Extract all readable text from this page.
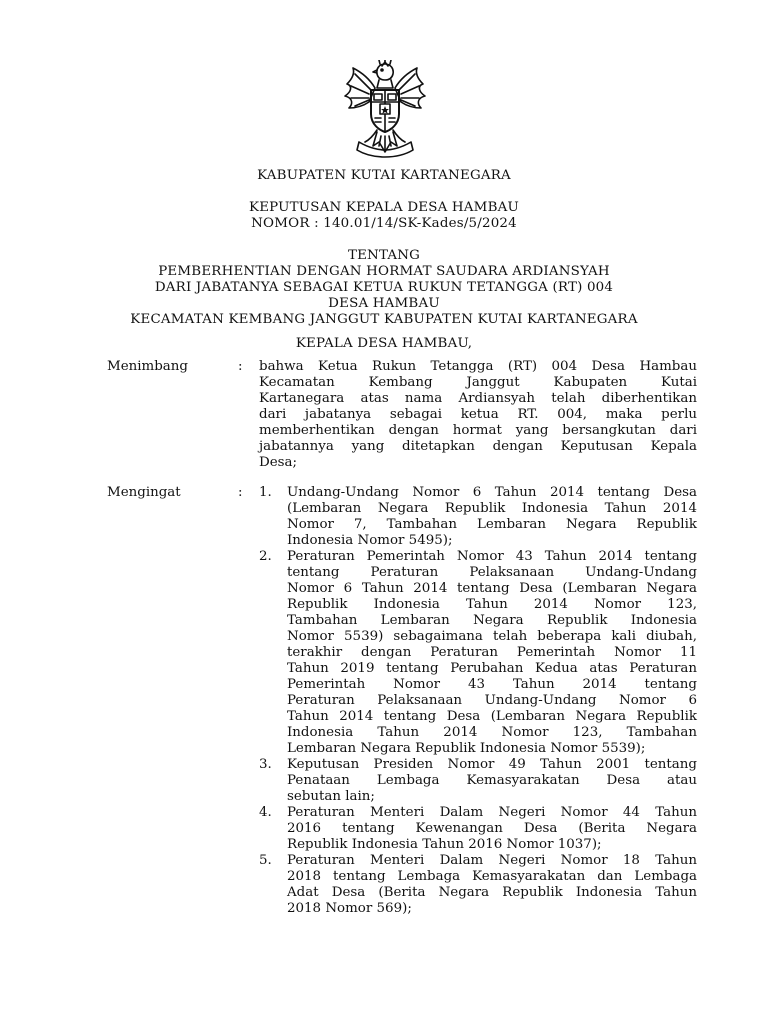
KABUPATEN KUTAI KARTANEGARA
KEPUTUSAN KEPALA DESA HAMBAU
NOMOR : 140.01/14/SK-Kades/5/2024
TENTANG
PEMBERHENTIAN DENGAN HORMAT SAUDARA ARDIANSYAH
DARI JABATANYA SEBAGAI KETUA RUKUN TETANGGA (RT) 004
DESA HAMBAU
KECAMATAN KEMBANG JANGGUT KABUPATEN KUTAI KARTANEGARA
KEPALA DESA HAMBAU,
Menimbang	: bahwa Ketua Rukun Tetangga (RT) 004 Desa Hambau
Kecamatan Kembang Janggut Kabupaten Kutai
Kartanegara atas nama Ardiansyah telah diberhentikan
dari jabatanya sebagai ketua RT. 004, maka perlu
memberhentikan dengan hormat yang bersangkutan dari
jabatannya yang ditetapkan dengan Keputusan Kepala
Desa;
Mengingat	: 1. Undang-Undang Nomor 6 Tahun 2014 tentang Desa
(Lembaran Negara Republik Indonesia Tahun 2014
Nomor 7, Tambahan Lembaran Negara Republik
Indonesia Nomor 5495);
2. Peraturan Pemerintah Nomor 43 Tahun 2014 tentang
tentang Peraturan Pelaksanaan Undang-Undang
Nomor 6 Tahun 2014 tentang Desa (Lembaran Negara
Republik Indonesia Tahun 2014 Nomor 123,
Tambahan Lembaran Negara Republik Indonesia
Nomor 5539) sebagaimana telah beberapa kali diubah,
terakhir dengan Peraturan Pemerintah Nomor 11
Tahun 2019 tentang Perubahan Kedua atas Peraturan
Pemerintah Nomor 43 Tahun 2014 tentang
Peraturan Pelaksanaan Undang-Undang Nomor 6
Tahun 2014 tentang Desa (Lembaran Negara Republik
Indonesia Tahun 2014 Nomor 123, Tambahan
Lembaran Negara Republik Indonesia Nomor 5539);
3. Keputusan Presiden Nomor 49 Tahun 2001 tentang
Penataan Lembaga Kemasyarakatan Desa atau
sebutan lain;
4. Peraturan Menteri Dalam Negeri Nomor 44 Tahun
2016 tentang Kewenangan Desa (Berita Negara
Republik Indonesia Tahun 2016 Nomor 1037);
5. Peraturan Menteri Dalam Negeri Nomor 18 Tahun
2018 tentang Lembaga Kemasyarakatan dan Lembaga
Adat Desa (Berita Negara Republik Indonesia Tahun
2018 Nomor 569);
